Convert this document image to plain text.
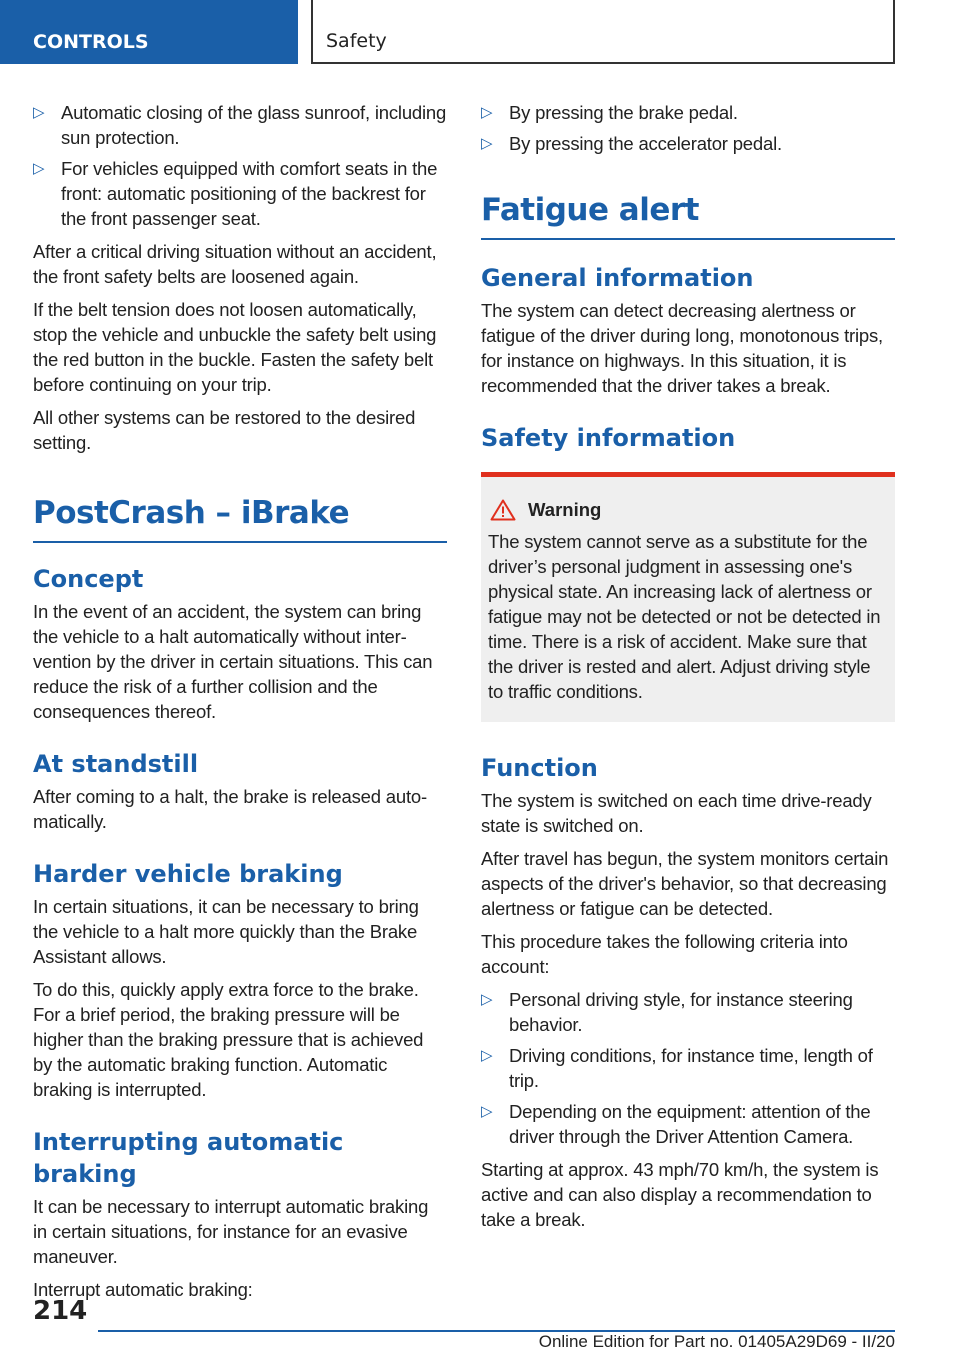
CONTROLS	Safety
▷ Automatic closing of the glass sunroof, including sun protection.
▷ For vehicles equipped with comfort seats in the front: automatic positioning of the backrest for the front passenger seat.

After a critical driving situation without an accident, the front safety belts are loosened again.

If the belt tension does not loosen automatically, stop the vehicle and unbuckle the safety belt using the red button in the buckle. Fasten the safety belt before continuing on your trip.

All other systems can be restored to the desired setting.

PostCrash – iBrake
Concept

In the event of an accident, the system can bring the vehicle to a halt automatically without intervention by the driver in certain situations. This can reduce the risk of a further collision and the consequences thereof.

At standstill

After coming to a halt, the brake is released automatically.

Harder vehicle braking

In certain situations, it can be necessary to bring the vehicle to a halt more quickly than the Brake Assistant allows.

To do this, quickly apply extra force to the brake. For a brief period, the braking pressure will be higher than the braking pressure that is achieved by the automatic braking function. Automatic braking is interrupted.

Interrupting automatic braking

It can be necessary to interrupt automatic braking in certain situations, for instance for an evasive maneuver.

Interrupt automatic braking:

▷ By pressing the brake pedal.
▷ By pressing the accelerator pedal.
Fatigue alert
General information

The system can detect decreasing alertness or fatigue of the driver during long, monotonous trips, for instance on highways. In this situation, it is recommended that the driver takes a break.

Safety information
Warning

The system cannot serve as a substitute for the driver’s personal judgment in assessing one's physical state. An increasing lack of alertness or fatigue may not be detected or not be detected in time. There is a risk of accident. Make sure that the driver is rested and alert. Adjust driving style to traffic conditions.

Function

The system is switched on each time drive-ready state is switched on.

After travel has begun, the system monitors certain aspects of the driver's behavior, so that decreasing alertness or fatigue can be detected.

This procedure takes the following criteria into account:

▷ Personal driving style, for instance steering behavior.
▷ Driving conditions, for instance time, length of trip.
▷ Depending on the equipment: attention of the driver through the Driver Attention Camera.

Starting at approx. 43 mph/70 km/h, the system is active and can also display a recommendation to take a break.

214
Online Edition for Part no. 01405A29D69 - II/20
